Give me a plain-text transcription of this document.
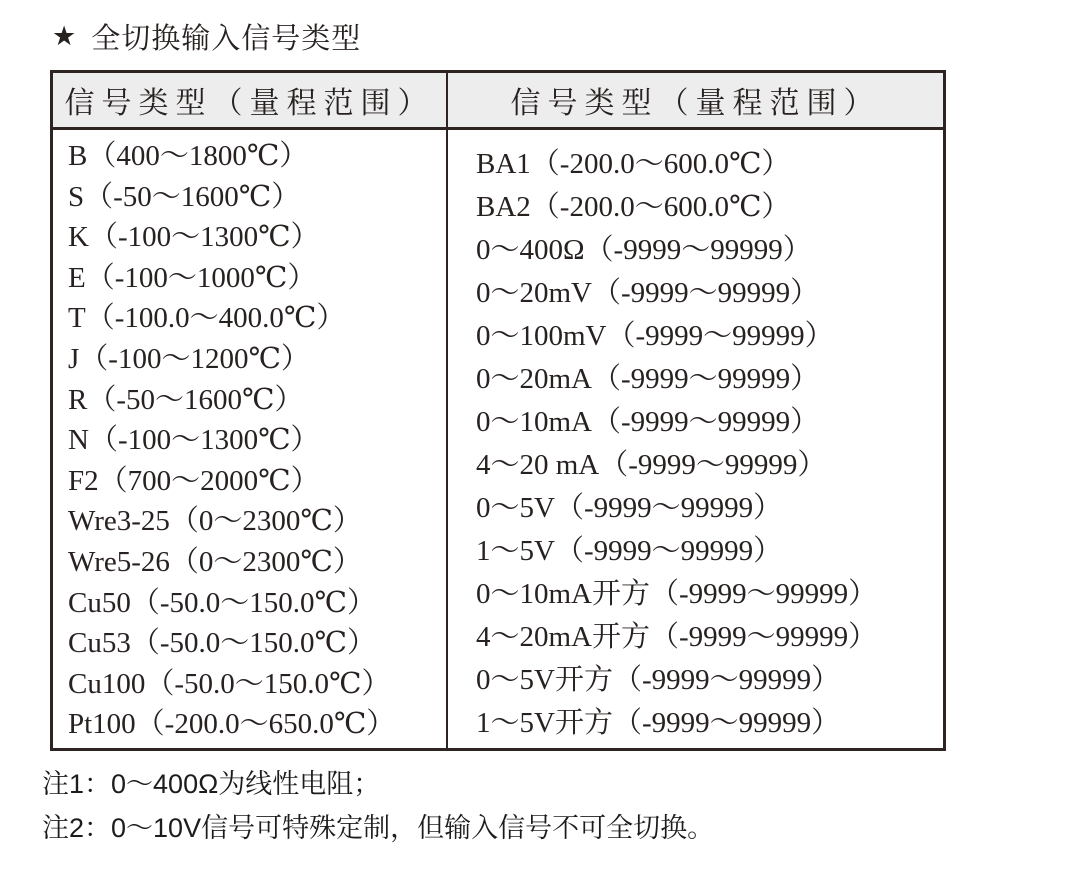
★ 全切换输入信号类型
信号类型（量程范围）	信号类型（量程范围）
B（400～1800℃）
S（-50～1600℃）
K（-100～1300℃）
E（-100～1000℃）
T（-100.0～400.0℃）
J（-100～1200℃）
R（-50～1600℃）
N（-100～1300℃）
F2（700～2000℃）
Wre3-25（0～2300℃）
Wre5-26（0～2300℃）
Cu50（-50.0～150.0℃）
Cu53（-50.0～150.0℃）
Cu100（-50.0～150.0℃）
Pt100（-200.0～650.0℃）
BA1（-200.0～600.0℃）
BA2（-200.0～600.0℃）
0～400Ω（-9999～99999）
0～20mV（-9999～99999）
0～100mV（-9999～99999）
0～20mA（-9999～99999）
0～10mA（-9999～99999）
4～20 mA（-9999～99999）
0～5V（-9999～99999）
1～5V（-9999～99999）
0～10mA开方（-9999～99999）
4～20mA开方（-9999～99999）
0～5V开方（-9999～99999）
1～5V开方（-9999～99999）
注1：0～400Ω为线性电阻；
注2：0～10V信号可特殊定制，但输入信号不可全切换。
